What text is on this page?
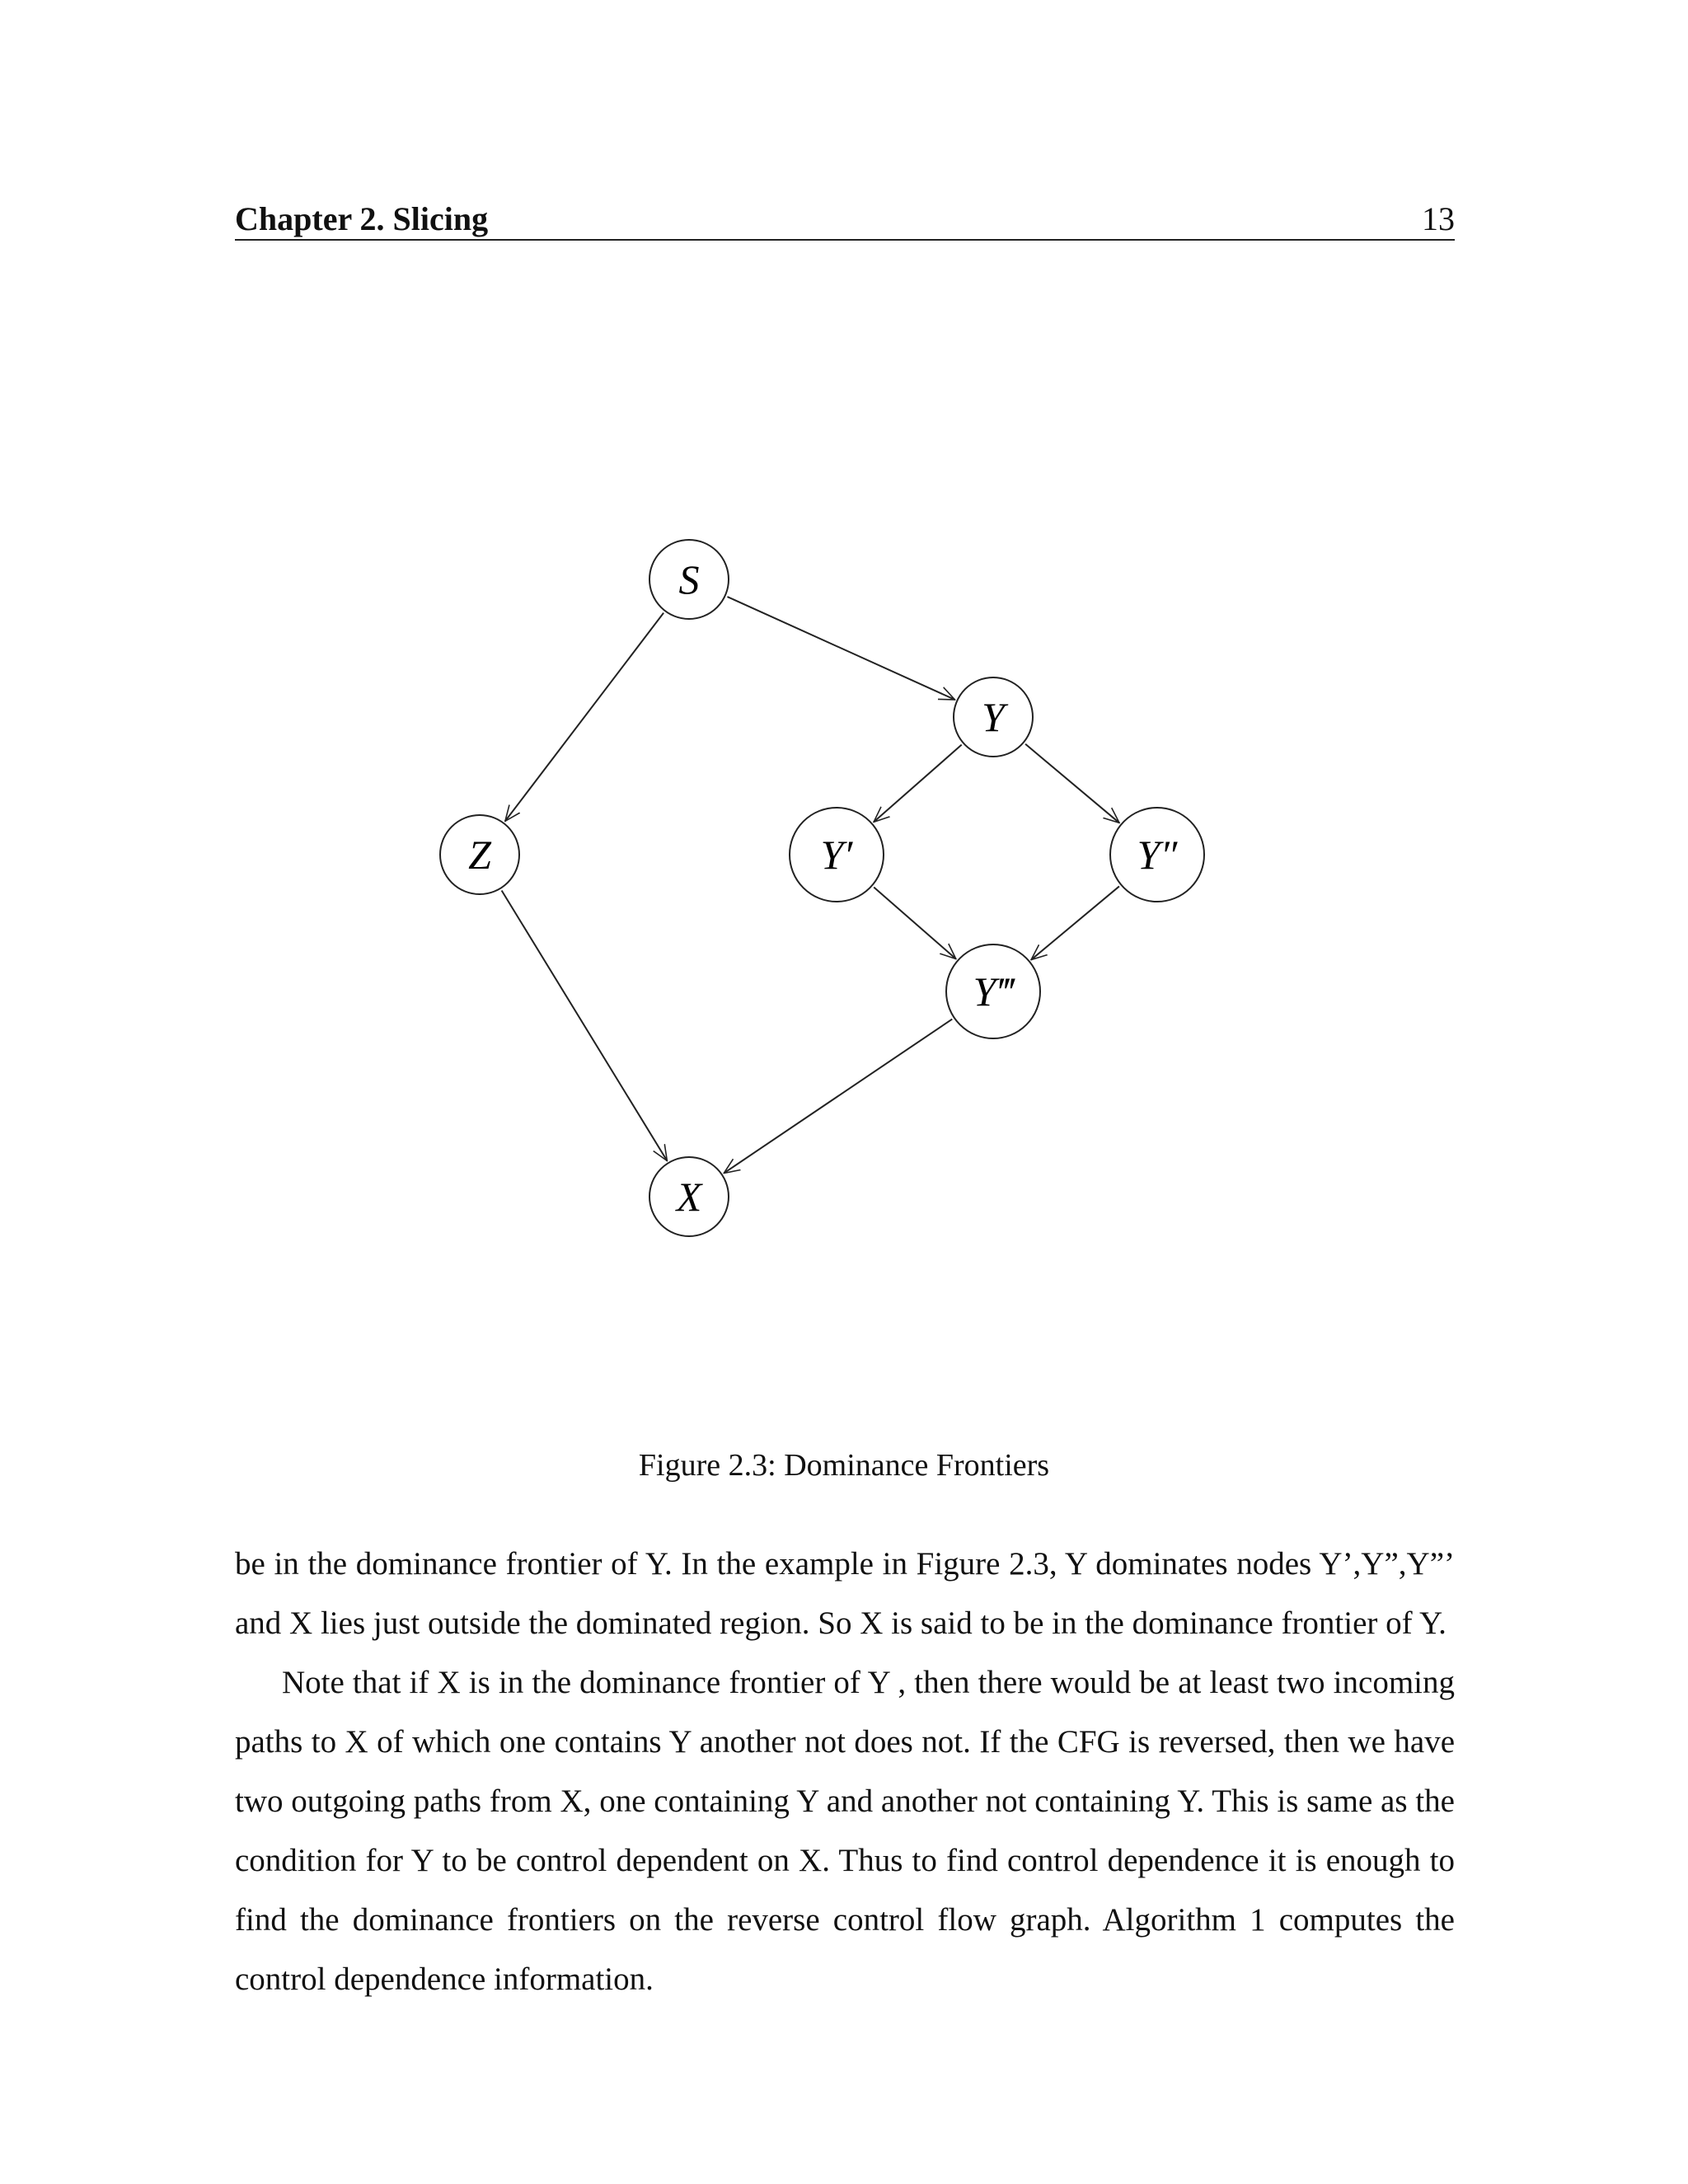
Chapter 2. Slicing	13
S
Y
Z	Y′	Y″
Y‴
X
Figure 2.3: Dominance Frontiers

be in the dominance frontier of Y. In the example in Figure 2.3, Y dominates nodes Y’,Y”,Y”’ and X lies just outside the dominated region. So X is said to be in the dominance frontier of Y.

Note that if X is in the dominance frontier of Y , then there would be at least two incoming paths to X of which one contains Y another not does not. If the CFG is reversed, then we have two outgoing paths from X, one containing Y and another not containing Y. This is same as the condition for Y to be control dependent on X. Thus to find control dependence it is enough to find the dominance frontiers on the reverse control flow graph. Algorithm 1 computes the control dependence information.
